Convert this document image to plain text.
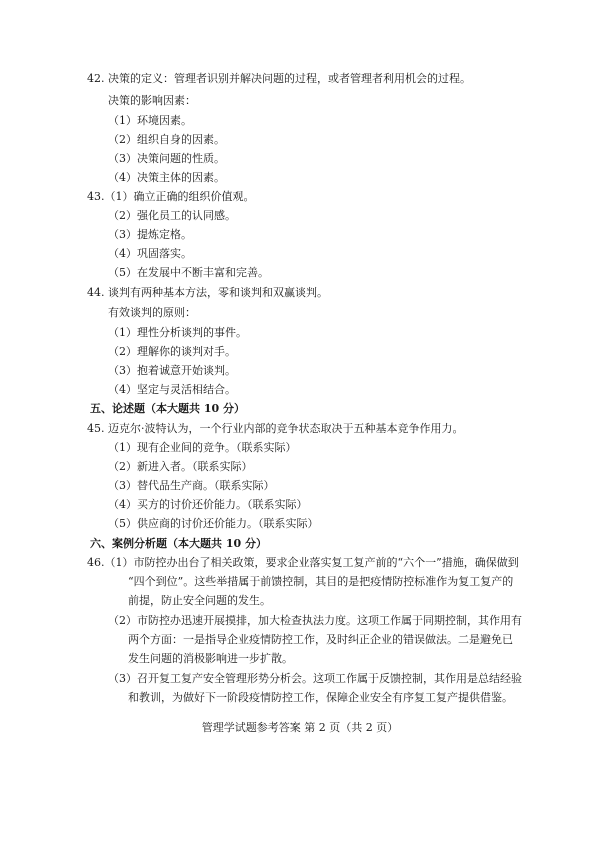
42. 决策的定义：管理者识别并解决问题的过程，或者管理者利用机会的过程。
决策的影响因素：
（1）环境因素。
（2）组织自身的因素。
（3）决策问题的性质。
（4）决策主体的因素。
43.（1）确立正确的组织价值观。
（2）强化员工的认同感。
（3）提炼定格。
（4）巩固落实。
（5）在发展中不断丰富和完善。
44. 谈判有两种基本方法，零和谈判和双赢谈判。
有效谈判的原则：
（1）理性分析谈判的事件。
（2）理解你的谈判对手。
（3）抱着诚意开始谈判。
（4）坚定与灵活相结合。
五、论述题（本大题共 10 分）
45. 迈克尔·波特认为，一个行业内部的竞争状态取决于五种基本竞争作用力。
（1）现有企业间的竞争。（联系实际）
（2）新进入者。（联系实际）
（3）替代品生产商。（联系实际）
（4）买方的讨价还价能力。（联系实际）
（5）供应商的讨价还价能力。（联系实际）
六、案例分析题（本大题共 10 分）
46.（1）市防控办出台了相关政策，要求企业落实复工复产前的“六个一”措施，确保做到
“四个到位”。这些举措属于前馈控制，其目的是把疫情防控标准作为复工复产的
前提，防止安全问题的发生。
（2）市防控办迅速开展摸排，加大检查执法力度。这项工作属于同期控制，其作用有
两个方面：一是指导企业疫情防控工作，及时纠正企业的错误做法。二是避免已
发生问题的消极影响进一步扩散。
（3）召开复工复产安全管理形势分析会。这项工作属于反馈控制，其作用是总结经验
和教训，为做好下一阶段疫情防控工作，保障企业安全有序复工复产提供借鉴。
管理学试题参考答案 第 2 页（共 2 页）
